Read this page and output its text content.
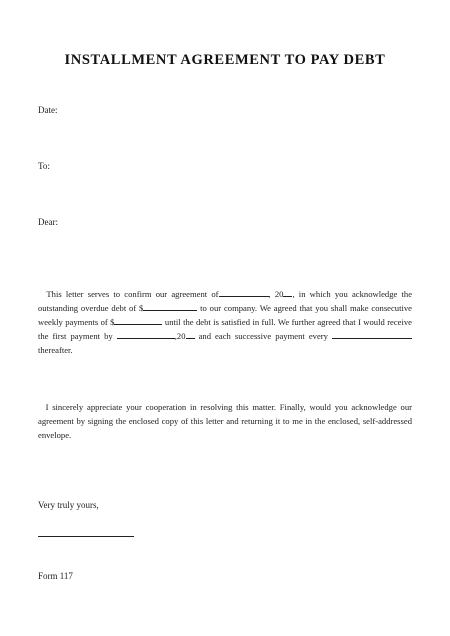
INSTALLMENT AGREEMENT TO PAY DEBT
Date:
To:
Dear:
This letter serves to confirm our agreement of	, 20 , in which you acknowledge the outstanding overdue debt of $	to our company. We agreed that you shall make consecutive weekly payments of $	until the debt is satisfied in full. We further agreed that I would receive the first payment by	,20 and each successive payment every  thereafter.
I sincerely appreciate your cooperation in resolving this matter. Finally, would you acknowledge our agreement by signing the enclosed copy of this letter and returning it to me in the enclosed, self-addressed envelope.
Very truly yours,
Form 117
